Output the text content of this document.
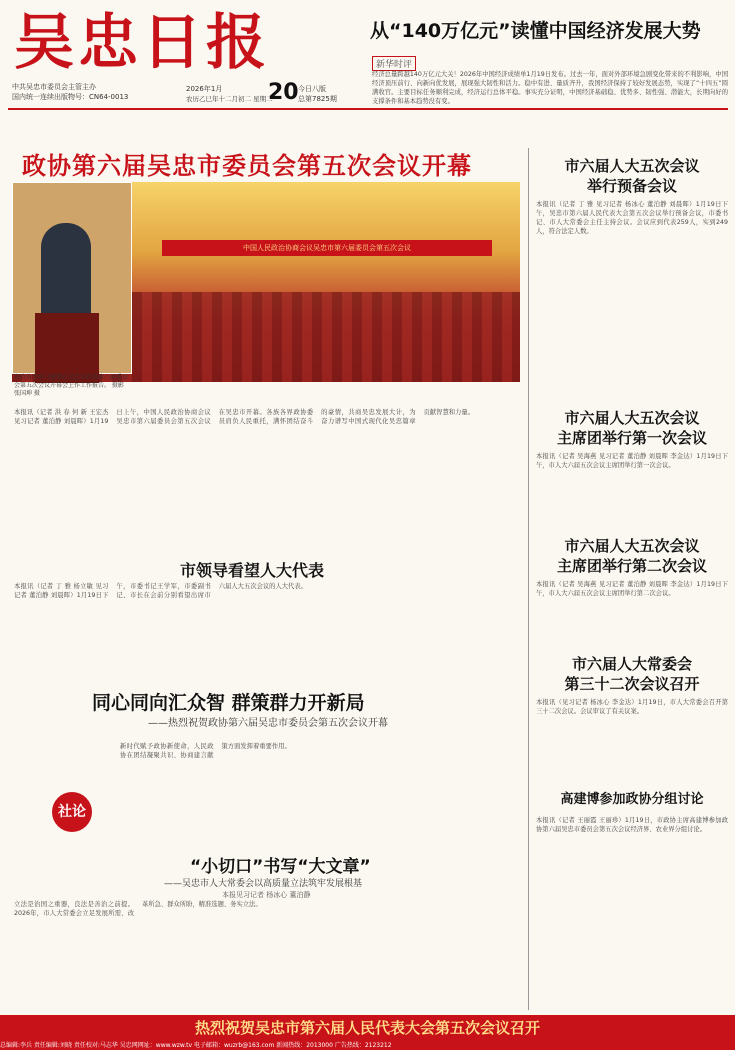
吴忠日报
中共吴忠市委员会主管主办
国内统一连续出版物号：CN64-0013
2026年1月
农历乙巳年十二月初二 星期二
20 今日八版
总第7825期
从“140万亿元”读懂中国经济发展大势
新华时评
经济总量跨越140万亿元大关！2026年中国经济成绩单1月19日发布。过去一年，面对外部环境急剧变化带来的不利影响，中国经济顶压前行、向新向优发展，展现强大韧性和活力。稳中有进、量质齐升，我国经济保持了较好发展态势，实现了“十四五”圆满收官。主要目标任务顺利完成，经济运行总体平稳。事实充分证明，中国经济基础稳、优势多、韧性强、潜能大，长期向好的支撑条件和基本趋势没有变。
政协第六届吴忠市委员会第五次会议开幕
中国人民政治协商会议吴忠市第六届委员会第五次会议
市政协主席马建博在吴忠市政协第六届委员会第五次会议开幕会上作工作报告。 摄影 张国坤 摄
本报讯（记者 洪 春 何 新 王宏杰 见习记者 董泊静 刘晨晖）1月19日上午，中国人民政治协商会议吴忠市第六届委员会第五次会议在吴忠市开幕。各族各界政协委员肩负人民重托，满怀团结奋斗的豪情，共商吴忠发展大计，为奋力谱写中国式现代化吴忠篇章贡献智慧和力量。
市领导看望人大代表
本报讯（记者 丁 雅 杨立敏 见习记者 董泊静 刘晨晖）1月19日下午，市委书记王学军，市委副书记、市长在会前分别看望出席市六届人大五次会议的人大代表。
同心同向汇众智 群策群力开新局
——热烈祝贺政协第六届吴忠市委员会第五次会议开幕
社论
新时代赋予政协新使命，人民政协在团结凝聚共识、协商建言献策方面发挥着重要作用。
“小切口”书写“大文章”
——吴忠市人大常委会以高质量立法筑牢发展根基
本报见习记者 杨冰心 董泊静
立法是治国之重器，良法是善治之前提。2026年，市人大常委会立足发展所需、改革所急、群众所盼，精准选题、务实立法。
市六届人大五次会议
举行预备会议
本报讯（记者 丁 雅 见习记者 杨冰心 董泊静 刘晨晖）1月19日下午，吴忠市第六届人民代表大会第五次会议举行预备会议，市委书记、市人大常委会主任主持会议。会议应到代表259人，实到249人，符合法定人数。
市六届人大五次会议
主席团举行第一次会议
本报讯（记者 吴海燕 见习记者 董泊静 刘晨晖 李金达）1月19日下午，市人大六届五次会议主席团举行第一次会议。
市六届人大五次会议
主席团举行第二次会议
本报讯（记者 吴海燕 见习记者 董泊静 刘晨晖 李金达）1月19日下午，市人大六届五次会议主席团举行第二次会议。
市六届人大常委会
第三十二次会议召开
本报讯（见习记者 杨冰心 李金达）1月19日，市人大常委会召开第三十二次会议。会议审议了有关议案。
高建博参加政协分组讨论
本报讯（记者 王丽霞 王丽珍）1月19日，市政协主席高建博参加政协第六届吴忠市委员会第五次会议经济界、农业界分组讨论。
热烈祝贺吴忠市第六届人民代表大会第五次会议召开
总编辑:李兵 责任编辑:刘晓 责任校对:马志华 吴忠网网址：www.wzw.tv 电子邮箱：wuzrb@163.com 新闻热线：2013000 广告热线：2123212
